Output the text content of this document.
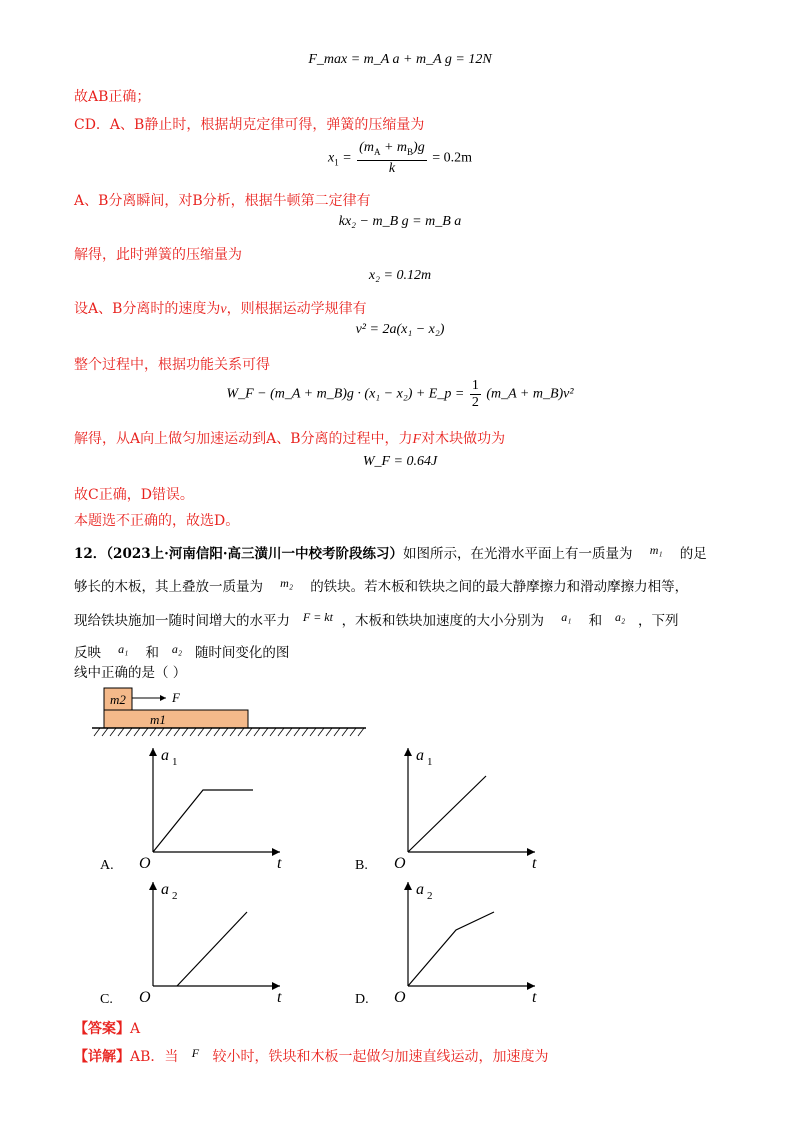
F_max = m_A a + m_A g = 12N
故AB正确；
CD．A、B静止时，根据胡克定律可得，弹簧的压缩量为
$x_1 = \frac{(m_A + m_B)g}{k} = 0.2m$
A、B分离瞬间，对B分析，根据牛顿第二定律有
kx₂ − m_B g = m_B a
解得，此时弹簧的压缩量为
x₂ = 0.12m
设A、B分离时的速度为v，则根据运动学规律有
v² = 2a(x₁ − x₂)
整个过程中，根据功能关系可得
W_F − (m_A + m_B)g · (x₁ − x₂) + E_p = $\frac{1}{2}$ (m_A + m_B)v²
解得，从A向上做匀加速运动到A、B分离的过程中，力F对木块做功为
W_F = 0.64J
故C正确，D错误。
本题选不正确的，故选D。
12．（2023上·河南信阳·高三潢川一中校考阶段练习）如图所示，在光滑水平面上有一质量为 m₁ 的足
够长的木板，其上叠放一质量为 m₂ 的铁块。若木板和铁块之间的最大静摩擦力和滑动摩擦力相等，
现给铁块施加一随时间增大的水平力 F = kt ，木板和铁块加速度的大小分别为 a₁ 和 a₂ ，下列
反映 a₁ 和 a₂ 随时间变化的图
线中正确的是（ ）
m2	F
m1
A.
a 1
O	t	B.
a 1
O	t
C.
a 2
O	t	D.
a 2
O	t
【答案】A
【详解】AB．当 F 较小时，铁块和木板一起做匀加速直线运动，加速度为
